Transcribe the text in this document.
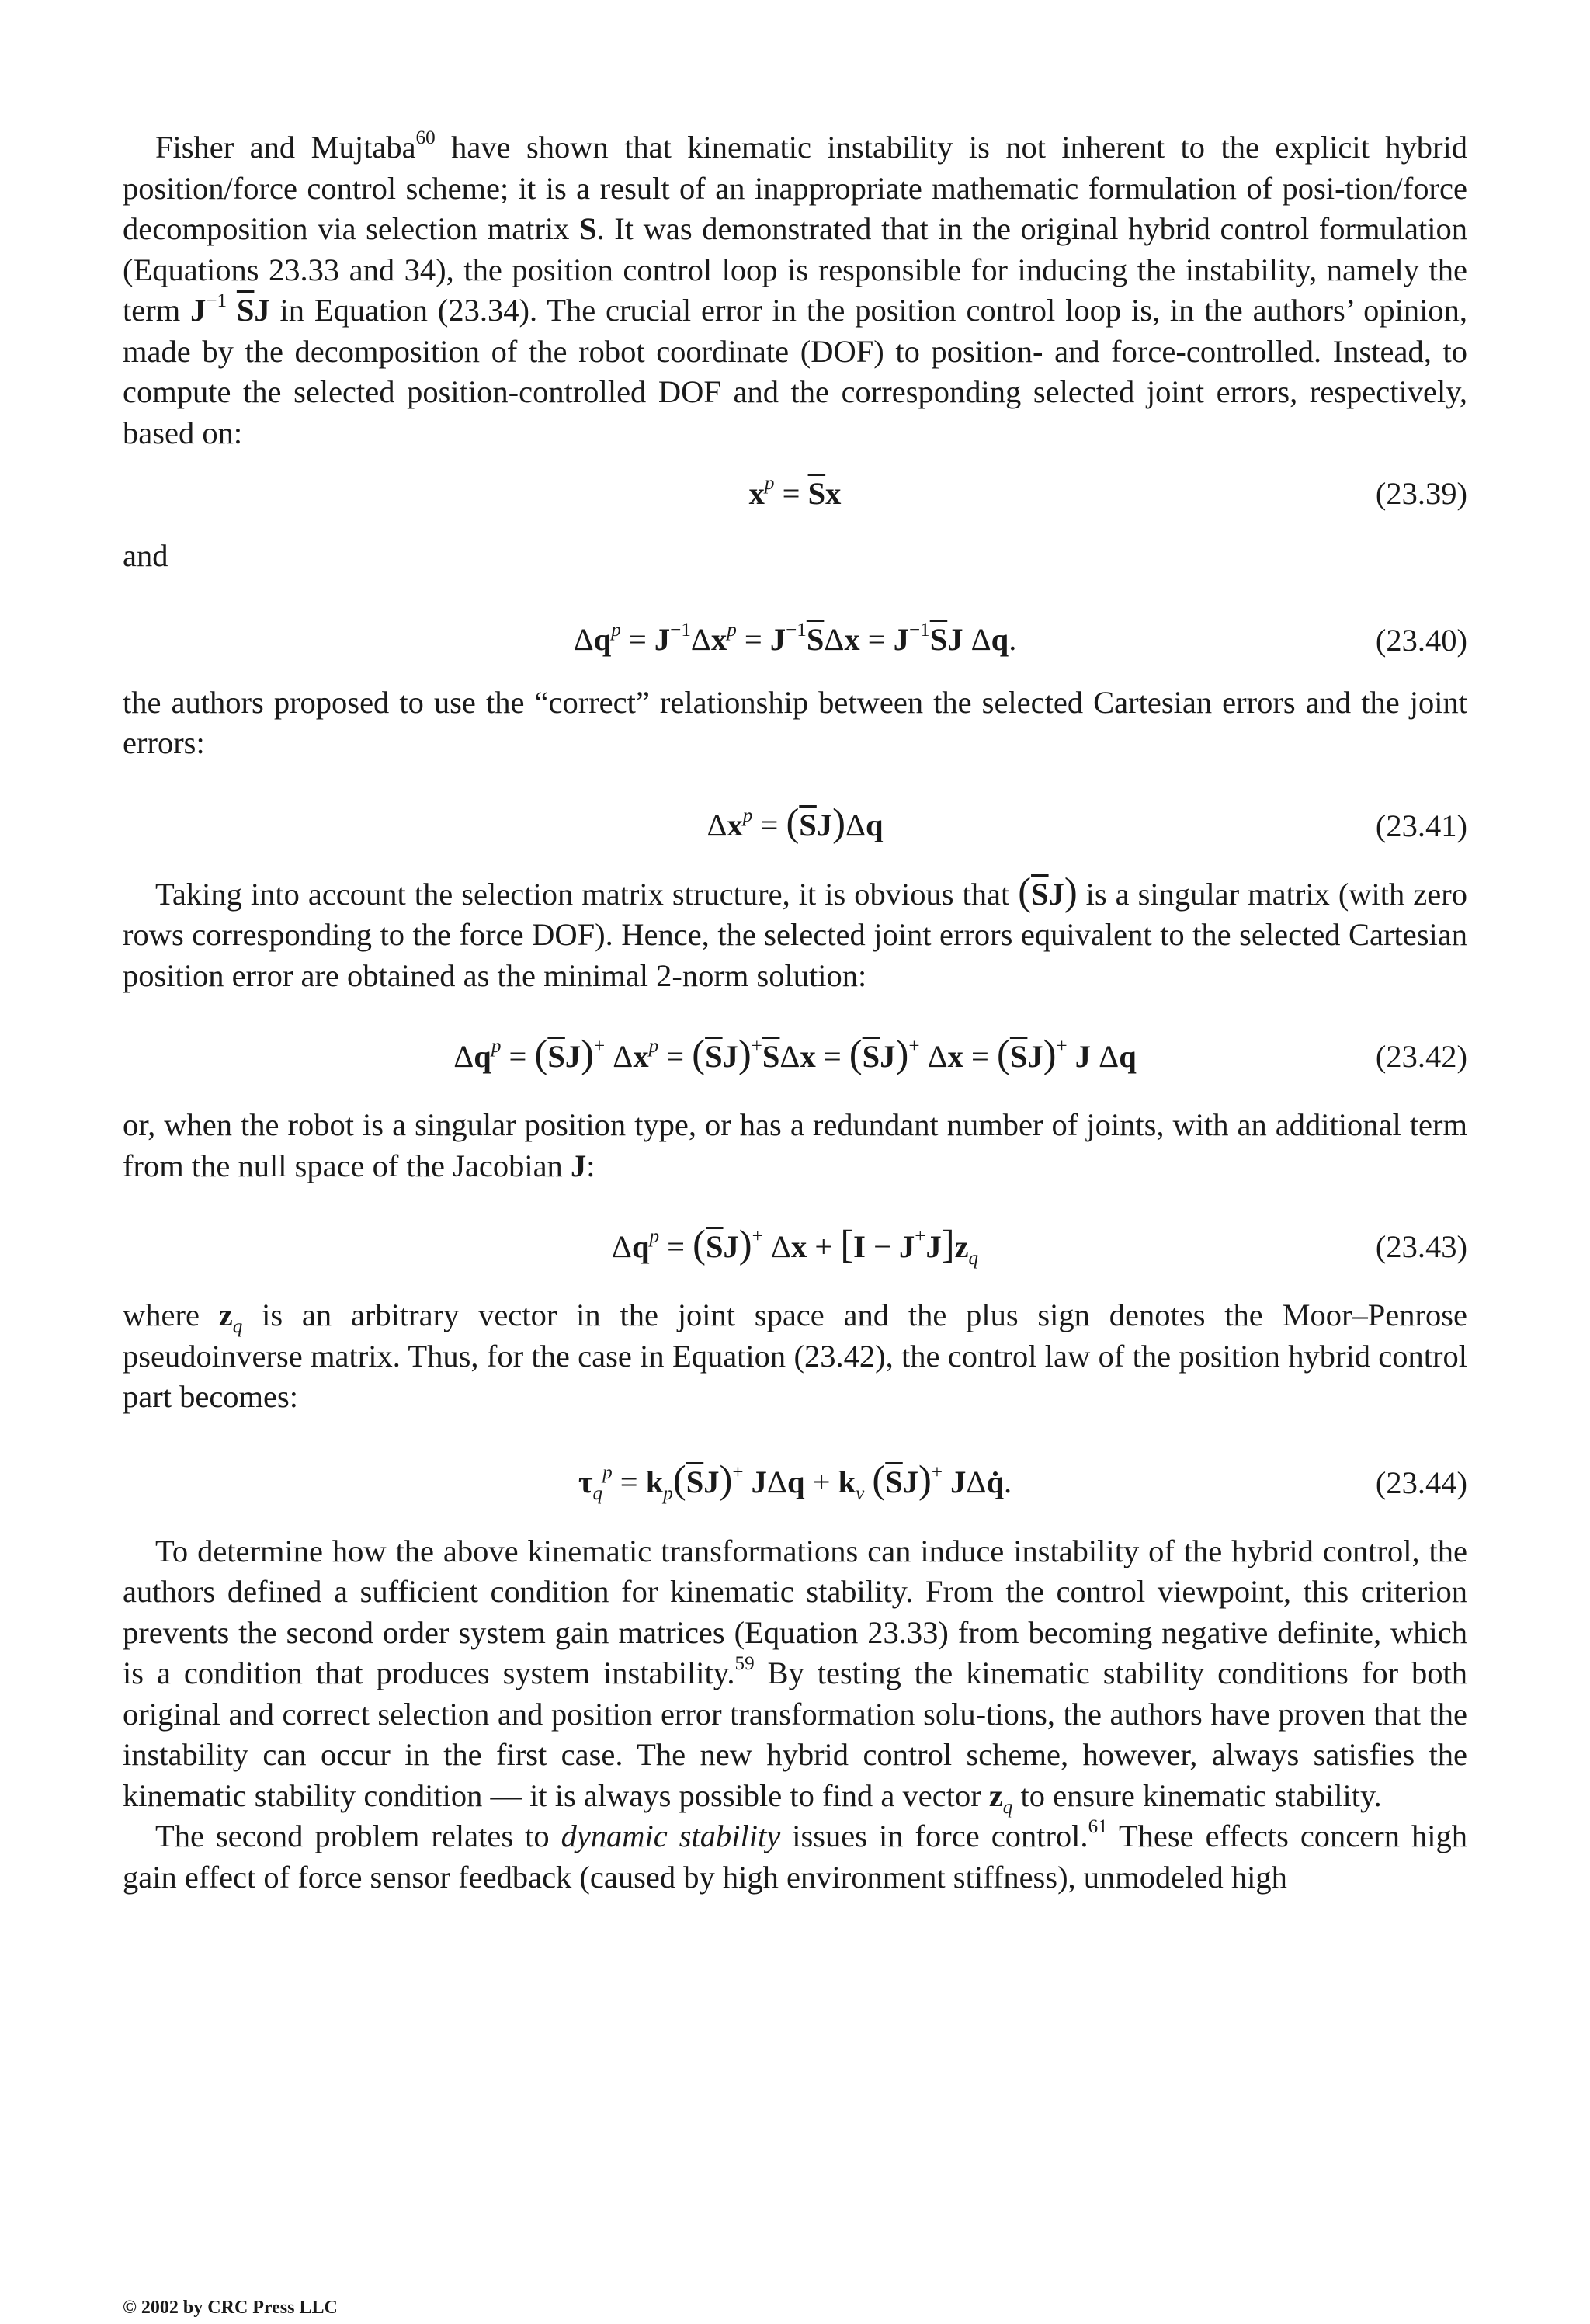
Fisher and Mujtaba$^{60}$ have shown that kinematic instability is not inherent to the explicit hybrid position/force control scheme; it is a result of an inappropriate mathematic formulation of posi-tion/force decomposition via selection matrix S. It was demonstrated that in the original hybrid control formulation (Equations 23.33 and 34), the position control loop is responsible for inducing the instability, namely the term $J^{-1}$ $\overline{S}J$ in Equation (23.34). The crucial error in the position control loop is, in the authors’ opinion, made by the decomposition of the robot coordinate (DOF) to position- and force-controlled. Instead, to compute the selected position-controlled DOF and the corresponding selected joint errors, respectively, based on:

$x^p = \overline{S}x$	(23.39)

and

$\Delta q^p = J^{-1}\Delta x^p = J^{-1}\overline{S}\Delta x = J^{-1}\overline{S}J$ Δq.	(23.40)

the authors proposed to use the “correct” relationship between the selected Cartesian errors and the joint errors:

$\Delta x^p = (\overline{S}J)\Delta q$	(23.41)

Taking into account the selection matrix structure, it is obvious that $(\overline{S}J)$ is a singular matrix (with zero rows corresponding to the force DOF). Hence, the selected joint errors equivalent to the selected Cartesian position error are obtained as the minimal 2-norm solution:

$\Delta q^p = (\overline{S}J)^+$ $\Delta x^p = (\overline{S}J)^+\overline{S}\Delta x = (\overline{S}J)^+$ $\Delta x = (\overline{S}J)^+$ J Δq	(23.42)

or, when the robot is a singular position type, or has a redundant number of joints, with an additional term from the null space of the Jacobian J:

$\Delta q^p = (\overline{S}J)^+$ $\Delta x + [I - J^+J]z_q$	(23.43)

where $z_q$ is an arbitrary vector in the joint space and the plus sign denotes the Moor–Penrose pseudoinverse matrix. Thus, for the case in Equation (23.42), the control law of the position hybrid control part becomes:

$\tau_q^p = k_p(\overline{S}J)^+$ $J\Delta q + k_v$ $(\overline{S}J)^+$ JΔq̇.	(23.44)

To determine how the above kinematic transformations can induce instability of the hybrid control, the authors defined a sufficient condition for kinematic stability. From the control viewpoint, this criterion prevents the second order system gain matrices (Equation 23.33) from becoming negative definite, which is a condition that produces system instability.$^{59}$ By testing the kinematic stability conditions for both original and correct selection and position error transformation solu-tions, the authors have proven that the instability can occur in the first case. The new hybrid control scheme, however, always satisfies the kinematic stability condition — it is always possible to find a vector $z_q$ to ensure kinematic stability.

The second problem relates to dynamic stability issues in force control.$^{61}$ These effects concern high gain effect of force sensor feedback (caused by high environment stiffness), unmodeled high

© 2002 by CRC Press LLC
